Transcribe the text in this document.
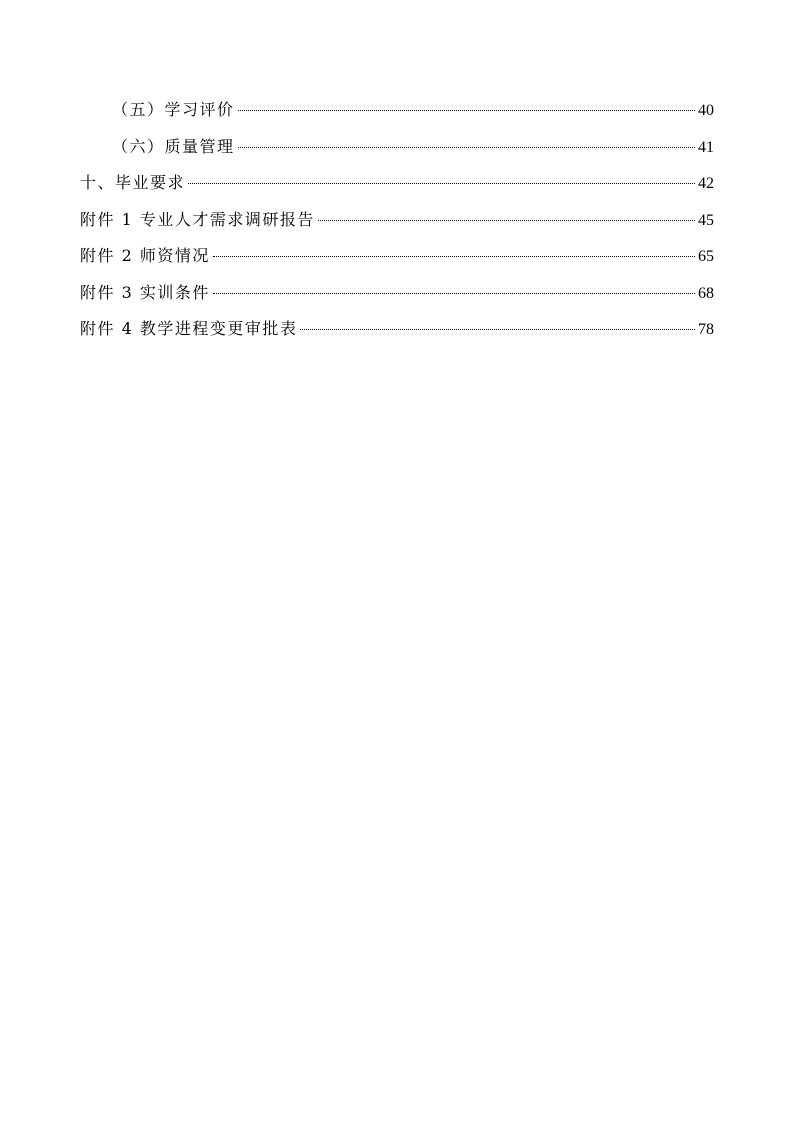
（五）学习评价	40
（六）质量管理	41
十、毕业要求	42
附件 1 专业人才需求调研报告	45
附件 2 师资情况	65
附件 3 实训条件	68
附件 4 教学进程变更审批表	78
